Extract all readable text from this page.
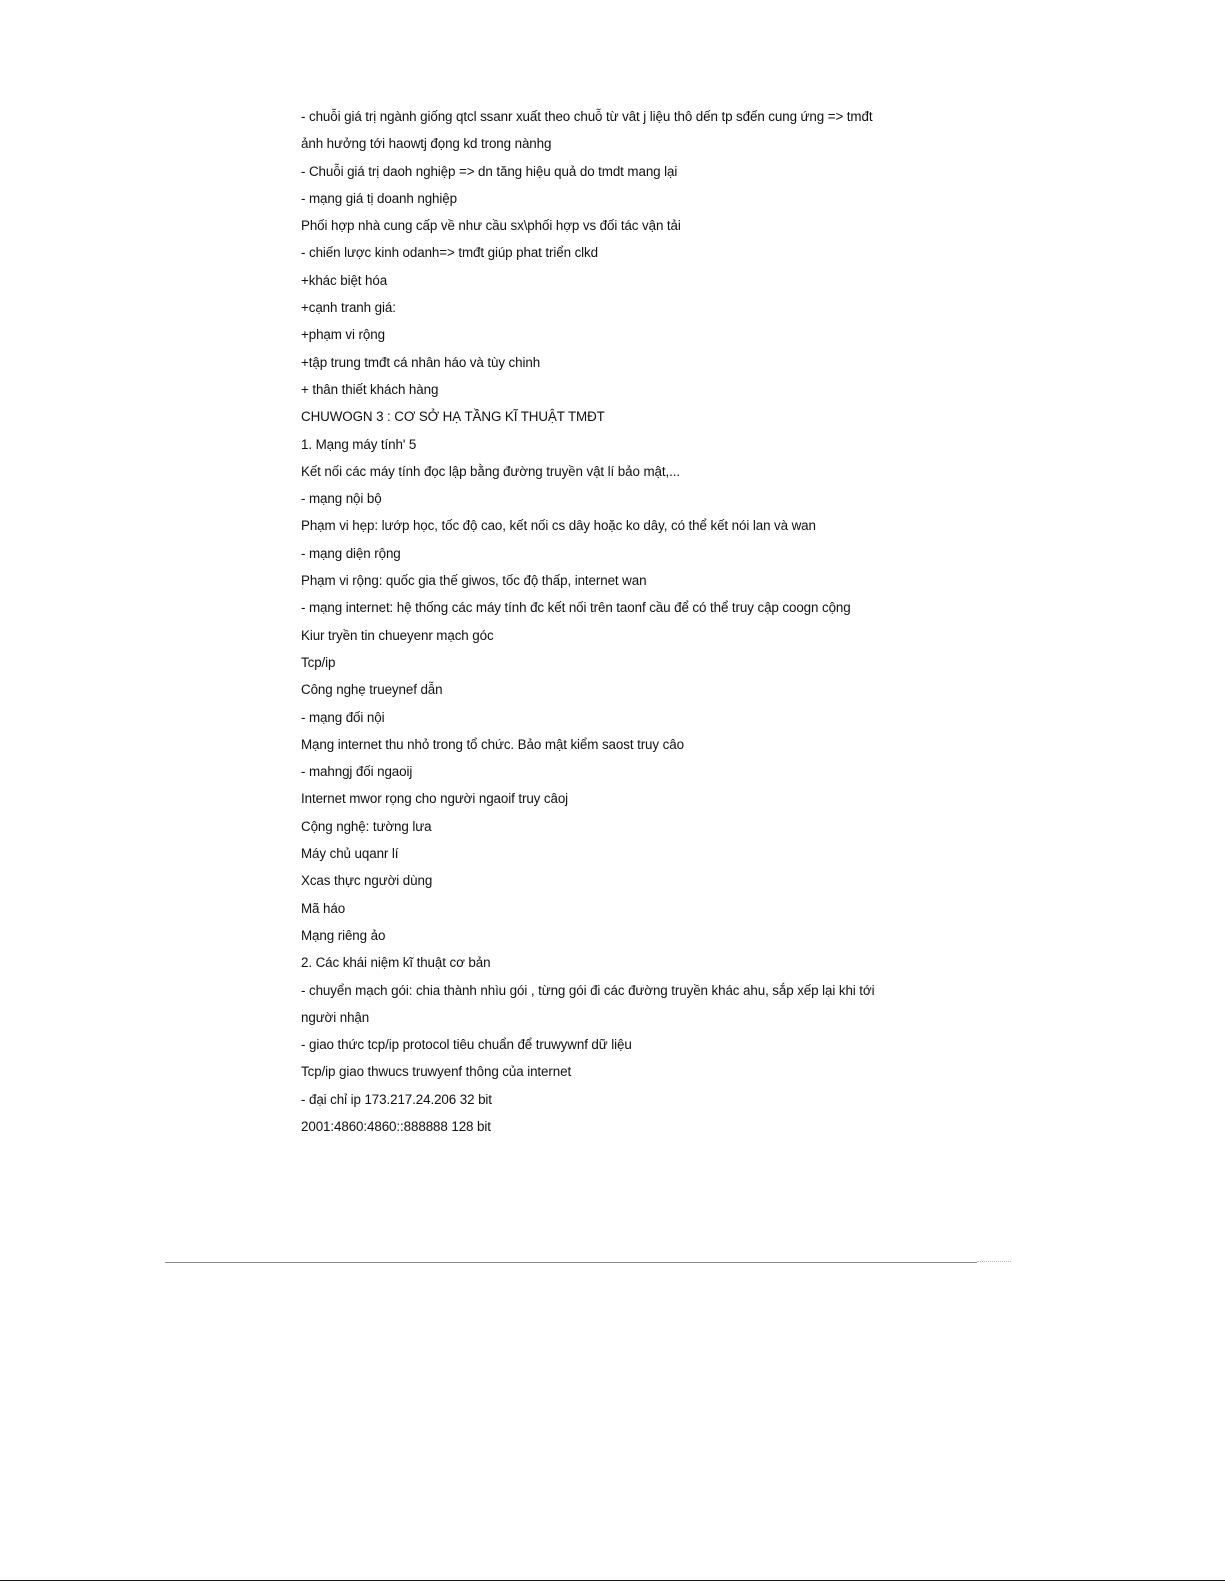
- chuỗi giá trị ngành giống qtcl ssanr xuất theo chuỗ từ vât j liệu thô dến tp sđến cung ứng => tmđt
ảnh hưởng tới haowtj đọng kd trong nànhg
- Chuỗi giá trị daoh nghiệp => dn tăng hiệu quả do tmdt mang lại
- mạng giá tị doanh nghiệp
Phối hợp nhà cung cấp về như cầu sx\phối hợp vs đối tác vận tải
- chiến lược kinh odanh=> tmđt giúp phat triển clkd
+khác biệt hóa
+cạnh tranh giá:
+phạm vi rộng
+tập trung tmđt cá nhân háo và tùy chinh
+ thân thiết khách hàng
CHUWOGN 3 : CƠ SỞ HẠ TẦNG KĨ THUẬT TMĐT
1. Mạng máy tính' 5
Kết nối các máy tính đọc lập bằng đường truyền vật lí bảo mật,...
- mạng nội bộ
Phạm vi hẹp: lướp học, tốc độ cao, kết nối cs dây hoặc ko dây, có thể kết nói lan và wan
- mạng diện rộng
Phạm vi rộng: quốc gia thế giwos, tốc độ thấp, internet wan
- mạng internet: hệ thống các máy tính đc kết nối trên taonf cầu để có thể truy cập coogn cộng
Kiur tryền tin chueyenr mạch góc
Tcp/ip
Công nghẹ trueynef dẫn
- mạng đối nội
Mạng internet thu nhỏ trong tổ chức. Bảo mật kiểm saost truy câo
- mahngj đối ngaoij
Internet mwor rọng cho người ngaoif truy câoj
Cộng nghệ: tường lưa
Máy chủ uqanr lí
Xcas thực người dùng
Mã háo
Mạng riêng ảo
2. Các khái niệm kĩ thuật cơ bản
- chuyển mạch gói: chia thành nhìu gói , từng gói đi các đường truyền khác ahu, sắp xếp lại khi tới
người nhận
- giao thức tcp/ip protocol tiêu chuẩn để truwywnf dữ liệu
Tcp/ip giao thwucs truwyenf thông của internet
- đại chỉ ip 173.217.24.206 32 bit
2001:4860:4860::888888 128 bit
